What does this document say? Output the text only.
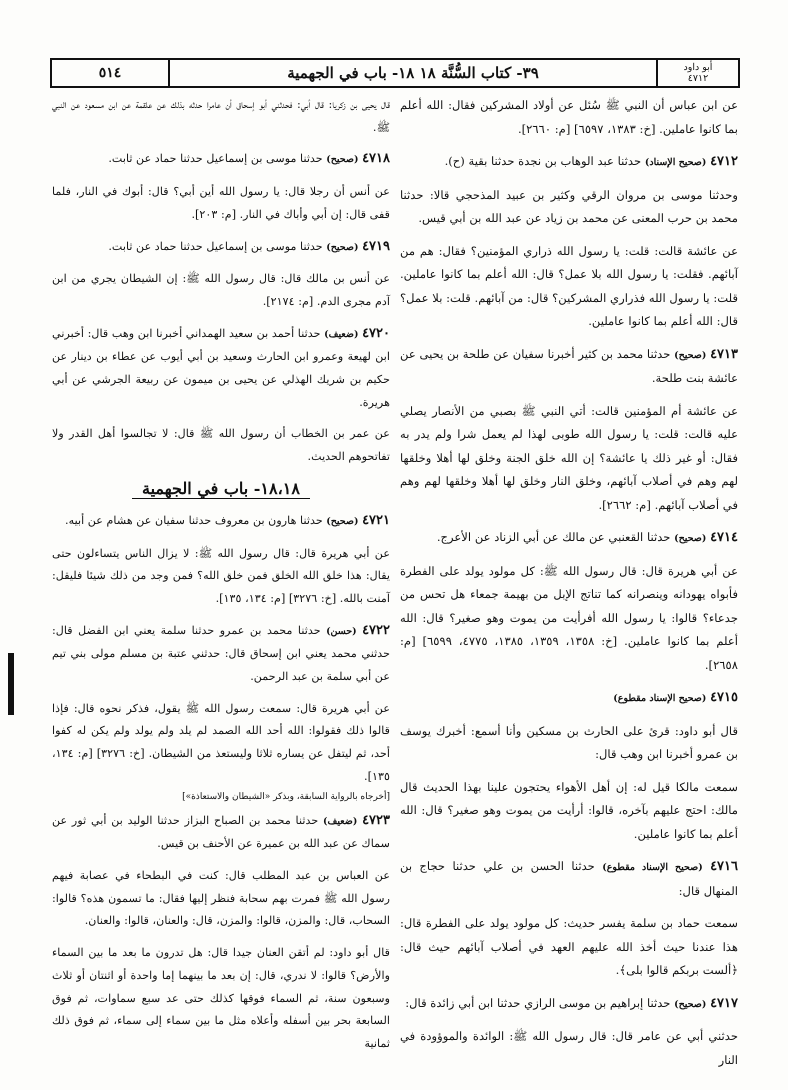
أبو داود
٤٧١٢
٣٩- كتاب السُّنَّة ١٨ ١٨- باب في الجهمية
٥١٤

عن ابن عباس أن النبي ﷺ سُئل عن أولاد المشركين فقال: الله أعلم بما كانوا عاملين. [خ: ١٣٨٣، ٦٥٩٧] [م: ٢٦٦٠].

٤٧١٢ (صحيح الإسناد) حدثنا عبد الوهاب بن نجدة حدثنا بقية (ح).

وحدثنا موسى بن مروان الرقي وكثير بن عبيد المذحجي قالا: حدثنا محمد بن حرب المعنى عن محمد بن زياد عن عبد الله بن أبي قيس.

عن عائشة قالت: قلت: يا رسول الله ذراري المؤمنين؟ فقال: هم من آبائهم. فقلت: يا رسول الله بلا عمل؟ قال: الله أعلم بما كانوا عاملين. قلت: يا رسول الله فذراري المشركين؟ قال: من آبائهم. قلت: بلا عمل؟ قال: الله أعلم بما كانوا عاملين.

٤٧١٣ (صحيح) حدثنا محمد بن كثير أخبرنا سفيان عن طلحة بن يحيى عن عائشة بنت طلحة.

عن عائشة أم المؤمنين قالت: أتي النبي ﷺ بصبي من الأنصار يصلي عليه قالت: قلت: يا رسول الله طوبى لهذا لم يعمل شرا ولم يدر به فقال: أو غير ذلك يا عائشة؟ إن الله خلق الجنة وخلق لها أهلا وخلقها لهم وهم في أصلاب آبائهم، وخلق النار وخلق لها أهلا وخلقها لهم وهم في أصلاب آبائهم. [م: ٢٦٦٢].

٤٧١٤ (صحيح) حدثنا القعنبي عن مالك عن أبي الزناد عن الأعرج.

عن أبي هريرة قال: قال رسول الله ﷺ: كل مولود يولد على الفطرة فأبواه يهودانه وينصرانه كما تناتج الإبل من بهيمة جمعاء هل تحس من جدعاء؟ قالوا: يا رسول الله أفرأيت من يموت وهو صغير؟ قال: الله أعلم بما كانوا عاملين. [خ: ١٣٥٨، ١٣٥٩، ١٣٨٥، ٤٧٧٥، ٦٥٩٩] [م: ٢٦٥٨].

٤٧١٥ (صحيح الإسناد مقطوع)

قال أبو داود: قرئ على الحارث بن مسكين وأنا أسمع: أخبرك يوسف بن عمرو أخبرنا ابن وهب قال:

سمعت مالكا قيل له: إن أهل الأهواء يحتجون علينا بهذا الحديث قال مالك: احتج عليهم بآخره، قالوا: أرأيت من يموت وهو صغير؟ قال: الله أعلم بما كانوا عاملين.

٤٧١٦ (صحيح الإسناد مقطوع) حدثنا الحسن بن علي حدثنا حجاج بن المنهال قال:

سمعت حماد بن سلمة يفسر حديث: كل مولود يولد على الفطرة قال: هذا عندنا حيث أخذ الله عليهم العهد في أصلاب آبائهم حيث قال: ﴿ألست بربكم قالوا بلى﴾.

٤٧١٧ (صحيح) حدثنا إبراهيم بن موسى الرازي حدثنا ابن أبي زائدة قال:

حدثني أبي عن عامر قال: قال رسول الله ﷺ: الوائدة والموؤودة في النار

قال يحيى بن زكريا: قال أبي: فحدثني أبو إسحاق أن عامرا حدثه بذلك عن علقمة عن ابن مسعود عن النبي ﷺ.

٤٧١٨ (صحيح) حدثنا موسى بن إسماعيل حدثنا حماد عن ثابت.

عن أنس أن رجلا قال: يا رسول الله أين أبي؟ قال: أبوك في النار، فلما قفى قال: إن أبي وأباك في النار. [م: ٢٠٣].

٤٧١٩ (صحيح) حدثنا موسى بن إسماعيل حدثنا حماد عن ثابت.

عن أنس بن مالك قال: قال رسول الله ﷺ: إن الشيطان يجري من ابن آدم مجرى الدم. [م: ٢١٧٤].

٤٧٢٠ (ضعيف) حدثنا أحمد بن سعيد الهمداني أخبرنا ابن وهب قال: أخبرني ابن لهيعة وعمرو ابن الحارث وسعيد بن أبي أيوب عن عطاء بن دينار عن حكيم بن شريك الهذلي عن يحيى بن ميمون عن ربيعة الجرشي عن أبي هريرة.

عن عمر بن الخطاب أن رسول الله ﷺ قال: لا تجالسوا أهل القدر ولا تفاتحوهم الحديث.

١٨،١٨- باب في الجهمية

٤٧٢١ (صحيح) حدثنا هارون بن معروف حدثنا سفيان عن هشام عن أبيه.

عن أبي هريرة قال: قال رسول الله ﷺ: لا يزال الناس يتساءلون حتى يقال: هذا خلق الله الخلق فمن خلق الله؟ فمن وجد من ذلك شيئا فليقل: آمنت بالله. [خ: ٣٢٧٦] [م: ١٣٤، ١٣٥].

٤٧٢٢ (حسن) حدثنا محمد بن عمرو حدثنا سلمة يعني ابن الفضل قال: حدثني محمد يعني ابن إسحاق قال: حدثني عتبة بن مسلم مولى بني تيم عن أبي سلمة بن عبد الرحمن.

عن أبي هريرة قال: سمعت رسول الله ﷺ يقول، فذكر نحوه قال: فإذا قالوا ذلك فقولوا: الله أحد الله الصمد لم يلد ولم يولد ولم يكن له كفوا أحد، ثم ليتفل عن يساره ثلاثا وليستعذ من الشيطان. [خ: ٣٢٧٦] [م: ١٣٤، ١٣٥].

[أخرجاه بالرواية السابقة، وبذكر «الشيطان والاستعاذة»]

٤٧٢٣ (ضعيف) حدثنا محمد بن الصباح البزاز حدثنا الوليد بن أبي ثور عن سماك عن عبد الله بن عميرة عن الأحنف بن قيس.

عن العباس بن عبد المطلب قال: كنت في البطحاء في عصابة فيهم رسول الله ﷺ فمرت بهم سحابة فنظر إليها فقال: ما تسمون هذه؟ قالوا: السحاب، قال: والمزن، قالوا: والمزن، قال: والعنان، قالوا: والعنان.

قال أبو داود: لم أتقن العنان جيدا قال: هل تدرون ما بعد ما بين السماء والأرض؟ قالوا: لا ندري، قال: إن بعد ما بينهما إما واحدة أو اثنتان أو ثلاث وسبعون سنة، ثم السماء فوقها كذلك حتى عد سبع سماوات، ثم فوق السابعة بحر بين أسفله وأعلاه مثل ما بين سماء إلى سماء، ثم فوق ذلك ثمانية
